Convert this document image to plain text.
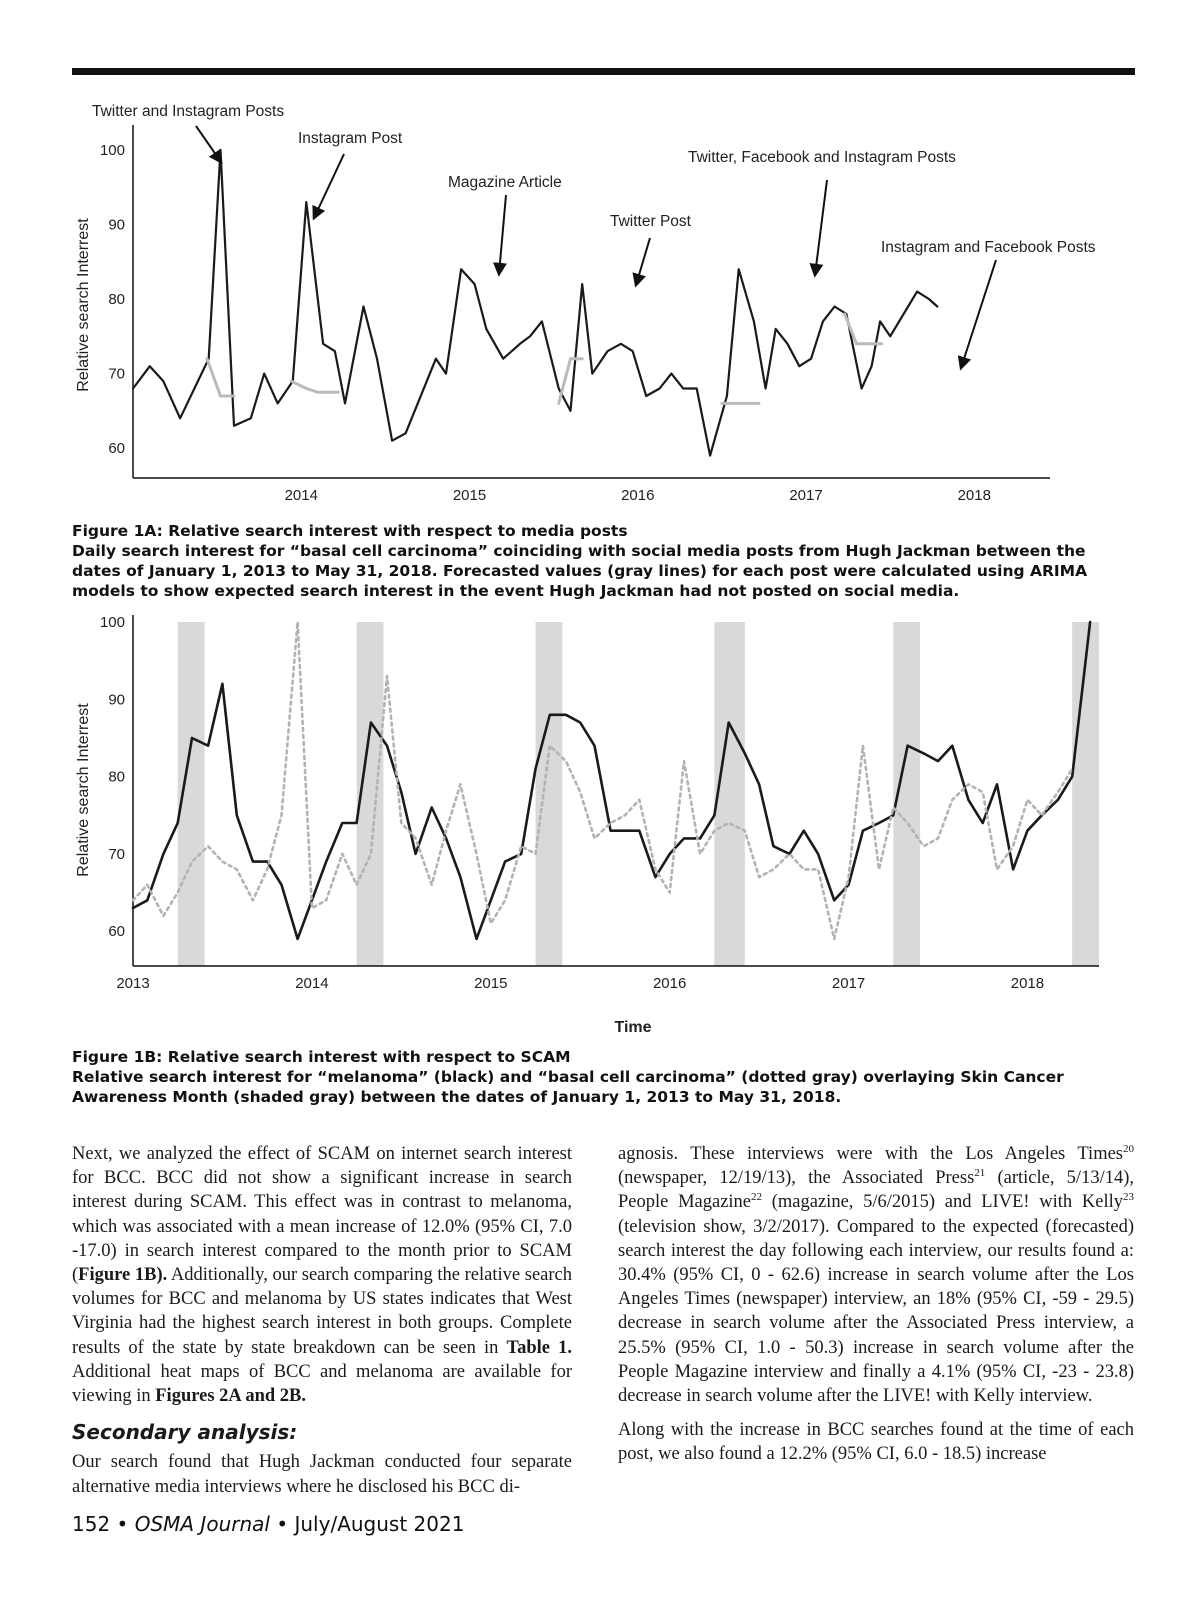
60
70
80
90
100
2014	2015	2016	2017	2018
Twitter and Instagram Posts
Instagram Post
Magazine Article
Twitter Post
Twitter, Facebook and Instagram Posts
Instagram and Facebook Posts
Relative search Interrest
Figure 1A: Relative search interest with respect to media posts
Daily search interest for “basal cell carcinoma” coinciding with social media posts from Hugh Jackman between the dates of January 1, 2013 to May 31, 2018. Forecasted values (gray lines) for each post were calculated using ARIMA models to show expected search interest in the event Hugh Jackman had not posted on social media.
60
70
80
90
100
2013	2014	2015	2016	2017	2018
Relative search Interrest
Time
Figure 1B: Relative search interest with respect to SCAM
Relative search interest for “melanoma” (black) and “basal cell carcinoma” (dotted gray) overlaying Skin Cancer Awareness Month (shaded gray) between the dates of January 1, 2013 to May 31, 2018.

Next, we analyzed the effect of SCAM on internet search interest for BCC. BCC did not show a significant increase in search interest during SCAM. This effect was in contrast to melanoma, which was associated with a mean increase of 12.0% (95% CI, 7.0 -17.0) in search interest compared to the month prior to SCAM (Figure 1B). Additionally, our search comparing the relative search volumes for BCC and melanoma by US states indicates that West Virginia had the highest search interest in both groups. Complete results of the state by state breakdown can be seen in Table 1. Additional heat maps of BCC and melanoma are available for viewing in Figures 2A and 2B.

Secondary analysis:

Our search found that Hugh Jackman conducted four separate alternative media interviews where he disclosed his BCC di-

agnosis. These interviews were with the Los Angeles Times$^{20}$ (newspaper, 12/19/13), the Associated Press$^{21}$ (article, 5/13/14), People Magazine$^{22}$ (magazine, 5/6/2015) and LIVE! with Kelly$^{23}$ (television show, 3/2/2017). Compared to the expected (forecasted) search interest the day following each interview, our results found a: 30.4% (95% CI, 0 - 62.6) increase in search volume after the Los Angeles Times (newspaper) interview, an 18% (95% CI, -59 - 29.5) decrease in search volume after the Associated Press interview, a 25.5% (95% CI, 1.0 - 50.3) increase in search volume after the People Magazine interview and finally a 4.1% (95% CI, -23 - 23.8) decrease in search volume after the LIVE! with Kelly interview.

Along with the increase in BCC searches found at the time of each post, we also found a 12.2% (95% CI, 6.0 - 18.5) increase

152 • OSMA Journal • July/August 2021
